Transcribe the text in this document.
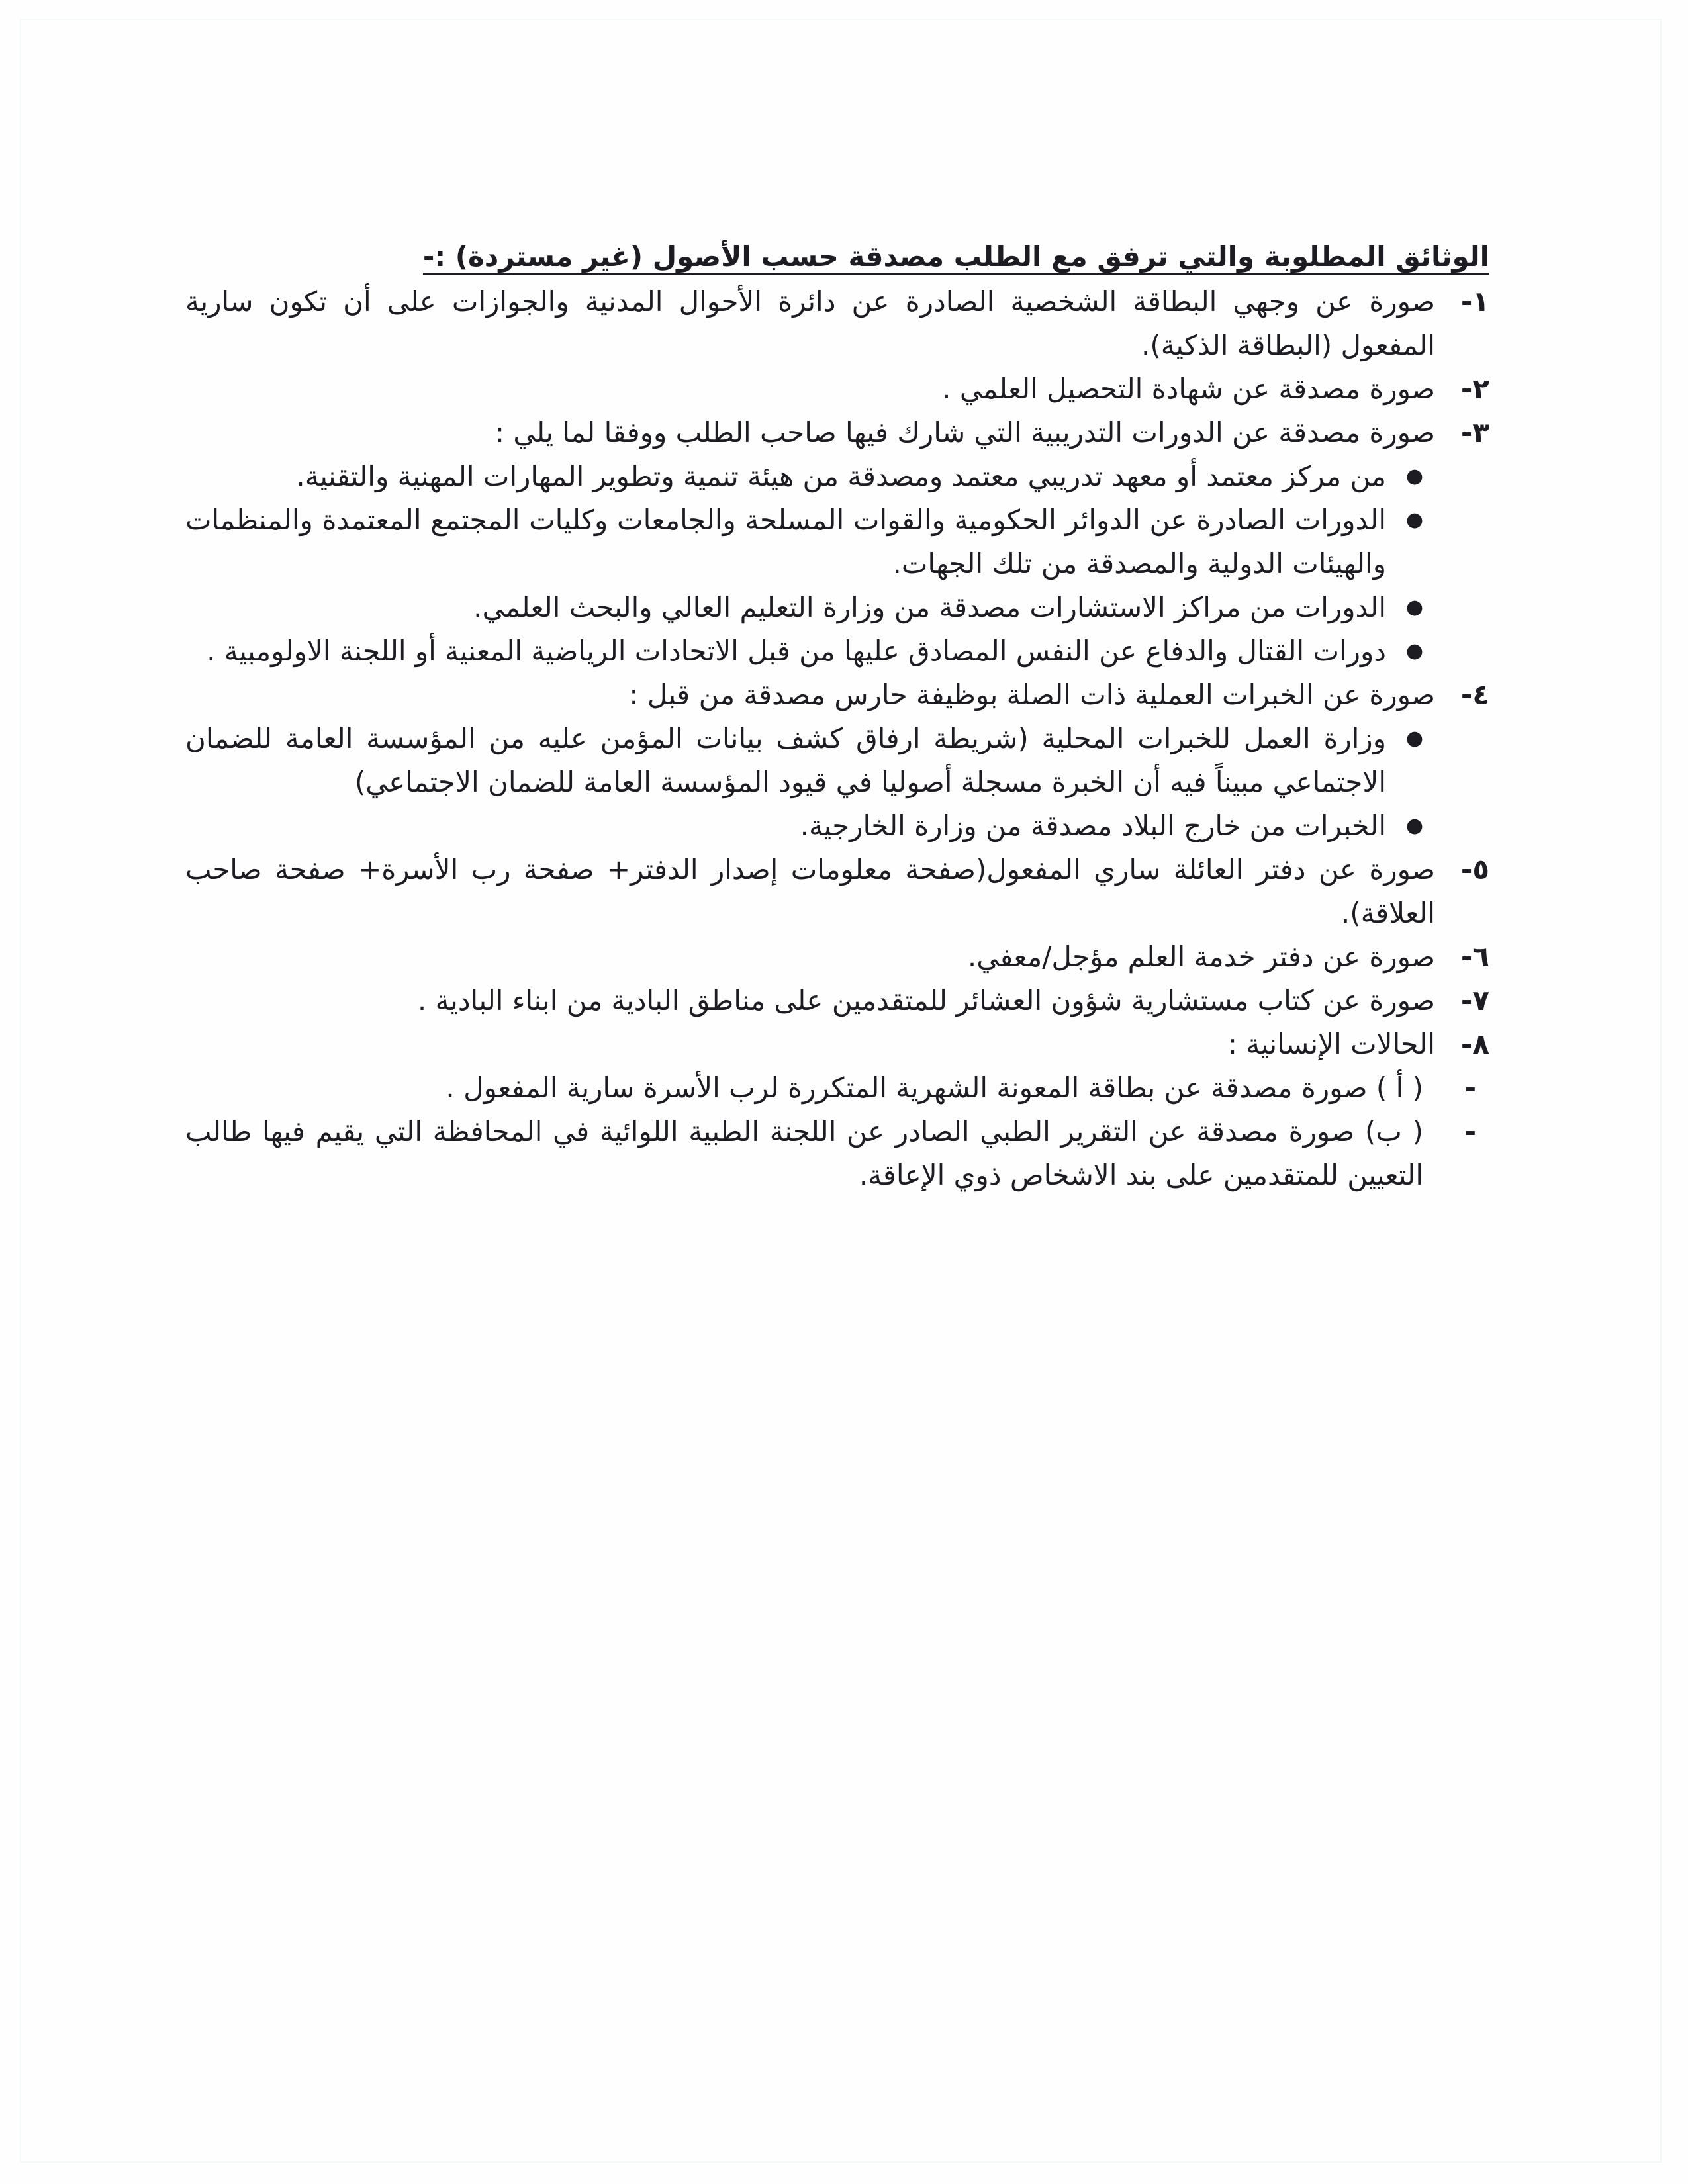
الوثائق المطلوبة والتي ترفق مع الطلب مصدقة حسب الأصول (غير مستردة) :-
١-
صورة عن وجهي البطاقة الشخصية الصادرة عن دائرة الأحوال المدنية والجوازات على أن تكون سارية المفعول (البطاقة الذكية).
٢-
صورة مصدقة عن شهادة التحصيل العلمي .
٣-
صورة مصدقة عن الدورات التدريبية التي شارك فيها صاحب الطلب ووفقا لما يلي :
●
من مركز معتمد أو معهد تدريبي معتمد ومصدقة من هيئة تنمية وتطوير المهارات المهنية والتقنية.
●
الدورات الصادرة عن الدوائر الحكومية والقوات المسلحة والجامعات وكليات المجتمع المعتمدة والمنظمات والهيئات الدولية والمصدقة من تلك الجهات.
●
الدورات من مراكز الاستشارات مصدقة من وزارة التعليم العالي والبحث العلمي.
●
دورات القتال والدفاع عن النفس المصادق عليها من قبل الاتحادات الرياضية المعنية أو اللجنة الاولومبية .
٤-
صورة عن الخبرات العملية ذات الصلة بوظيفة حارس مصدقة من قبل :
●
وزارة العمل للخبرات المحلية (شريطة ارفاق كشف بيانات المؤمن عليه من المؤسسة العامة للضمان الاجتماعي مبيناً فيه أن الخبرة مسجلة أصوليا في قيود المؤسسة العامة للضمان الاجتماعي)
●
الخبرات من خارج البلاد مصدقة من وزارة الخارجية.
٥-
صورة عن دفتر العائلة ساري المفعول(صفحة معلومات إصدار الدفتر+ صفحة رب الأسرة+ صفحة صاحب العلاقة).
٦-
صورة عن دفتر خدمة العلم مؤجل/معفي.
٧-
صورة عن كتاب مستشارية شؤون العشائر للمتقدمين على مناطق البادية من ابناء البادية .
٨-
الحالات الإنسانية :
-
( أ ) صورة مصدقة عن بطاقة المعونة الشهرية المتكررة لرب الأسرة سارية المفعول .
-
( ب) صورة مصدقة عن التقرير الطبي الصادر عن اللجنة الطبية اللوائية في المحافظة التي يقيم فيها طالب التعيين للمتقدمين على بند الاشخاص ذوي الإعاقة.
